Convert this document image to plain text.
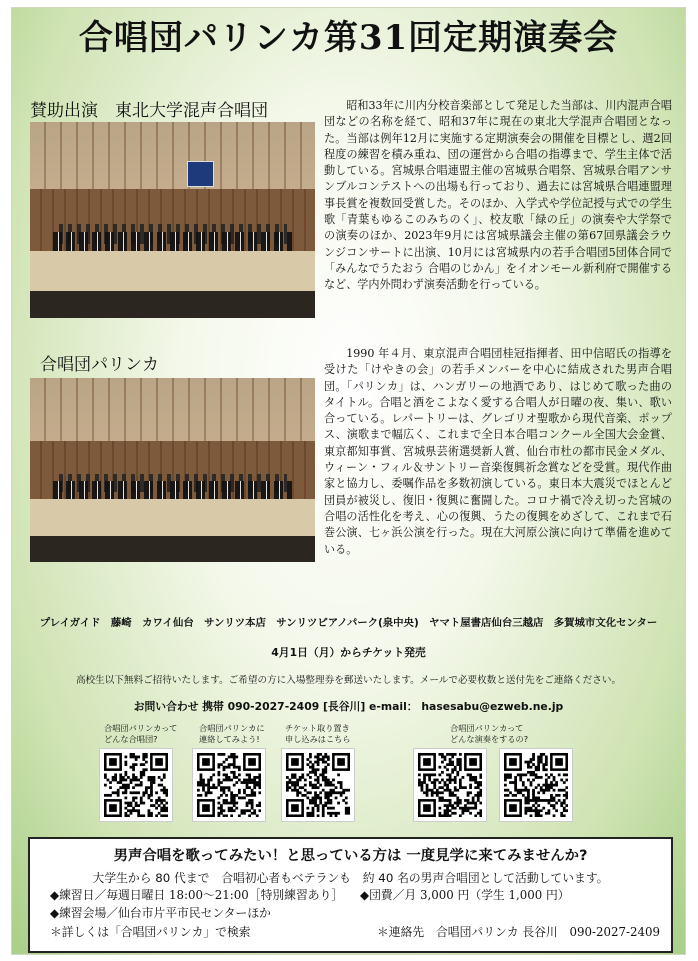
合唱団パリンカ第31回定期演奏会
賛助出演　東北大学混声合唱団	昭和33年に川内分校音楽部として発足した当部は、川内混声合唱団などの名称を経て、昭和37年に現在の東北大学混声合唱団となった。当部は例年12月に実施する定期演奏会の開催を目標とし、週2回程度の練習を積み重ね、団の運営から合唱の指導まで、学生主体で活動している。宮城県合唱連盟主催の宮城県合唱祭、宮城県合唱アンサンブルコンテストへの出場も行っており、過去には宮城県合唱連盟理事長賞を複数回受賞した。そのほか、入学式や学位記授与式での学生歌「青葉もゆるこのみちのく」、校友歌「緑の丘」の演奏や大学祭での演奏のほか、2023年9月には宮城県議会主催の第67回県議会ラウンジコンサートに出演、10月には宮城県内の若手合唱団5団体合同で「みんなでうたおう 合唱のじかん」をイオンモール新利府で開催するなど、学内外問わず演奏活動を行っている。
合唱団パリンカ
1990 年４月、東京混声合唱団桂冠指揮者、田中信昭氏の指導を受けた「けやきの会」の若手メンバーを中心に結成された男声合唱団。「パリンカ」は、ハンガリーの地酒であり、はじめて歌った曲のタイトル。合唱と酒をこよなく愛する合唱人が日曜の夜、集い、歌い合っている。レパートリーは、グレゴリオ聖歌から現代音楽、ポップス、演歌まで幅広く、これまで全日本合唱コンクール全国大会金賞、東京都知事賞、宮城県芸術選奨新人賞、仙台市杜の都市民金メダル、ウィーン・フィル＆サントリー音楽復興祈念賞などを受賞。現代作曲家と協力し、委嘱作品を多数初演している。東日本大震災でほとんど団員が被災し、復旧・復興に奮闘した。コロナ禍で冷え切った宮城の合唱の活性化を考え、心の復興、うたの復興をめざして、これまで石巻公演、七ヶ浜公演を行った。現在大河原公演に向けて準備を進めている。
プレイガイド　藤崎　カワイ仙台　サンリツ本店　サンリツピアノパーク(泉中央)　ヤマト屋書店仙台三越店　多賀城市文化センター
4月1日（月）からチケット発売
高校生以下無料ご招待いたします。ご希望の方に入場整理券を郵送いたします。メールで必要枚数と送付先をご連絡ください。
お問い合わせ 携帯 090-2027-2409 [長谷川] e-mail： hasesabu@ezweb.ne.jp
合唱団パリンカって
どんな合唱団?
合唱団パリンカに
連絡してみよう!
チケット取り置き
申し込みはこちら
合唱団パリンカって
どんな演奏をするの?
男声合唱を歌ってみたい！と思っている方は 一度見学に来てみませんか?
大学生から 80 代まで　合唱初心者もベテランも　約 40 名の男声合唱団として活動しています。
◆練習日／毎週日曜日 18:00～21:00［特別練習あり］ ◆団費／月 3,000 円（学生 1,000 円）
◆練習会場／仙台市片平市民センターほか
＊詳しくは「合唱団パリンカ」で検索	＊連絡先　合唱団パリンカ 長谷川　090-2027-2409
